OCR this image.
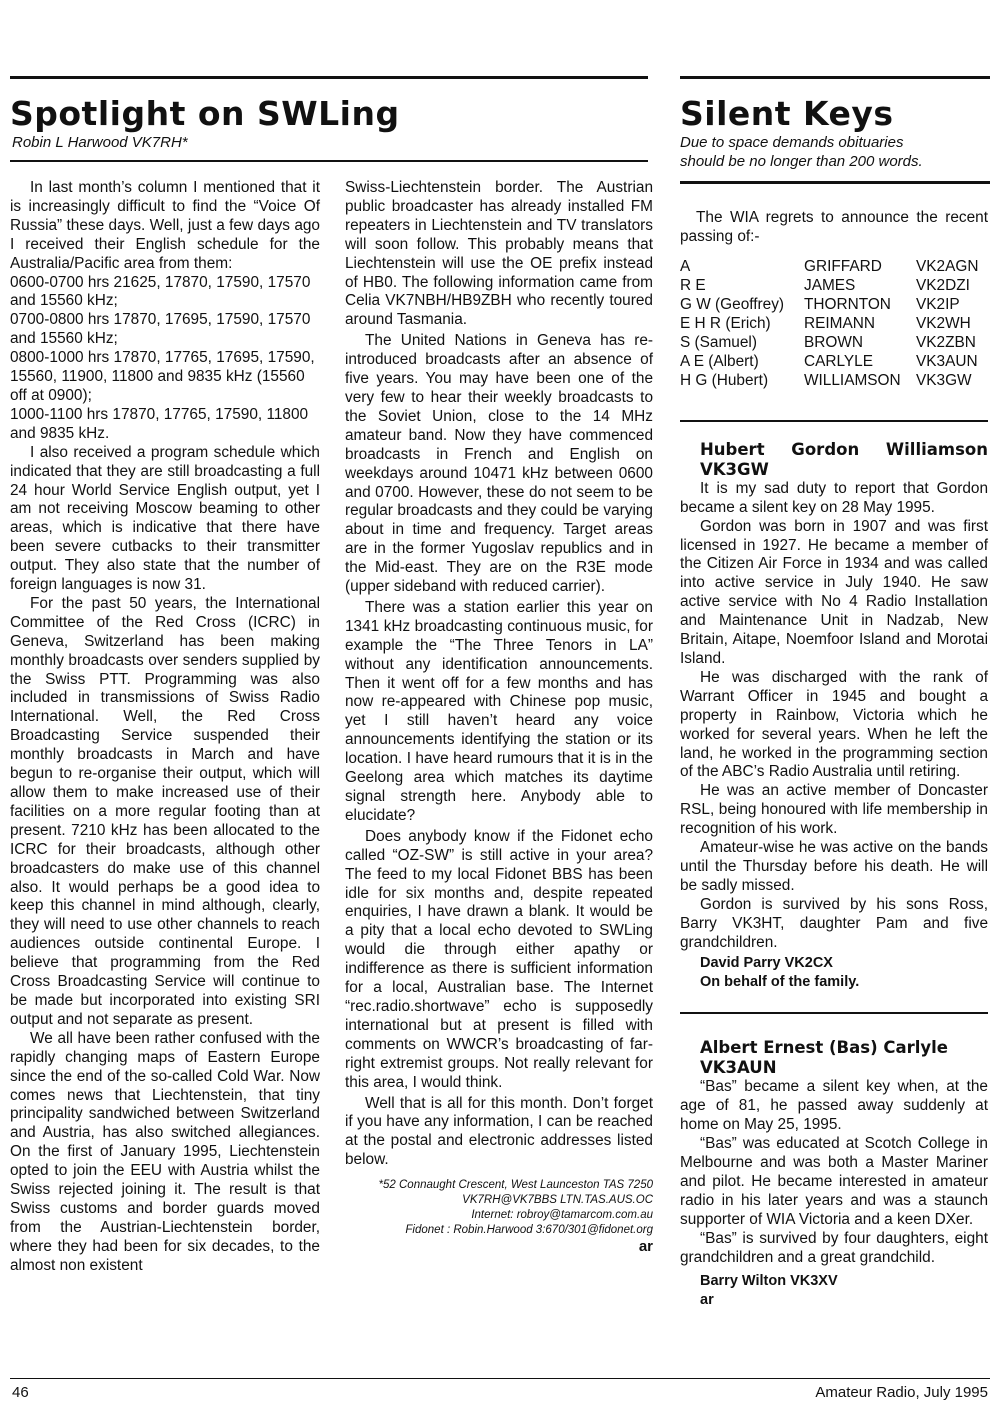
Spotlight on SWLing

Robin L Harwood VK7RH*

In last month’s column I mentioned that it is increasingly difficult to find the “Voice Of Russia” these days. Well, just a few days ago I received their English schedule for the Australia/Pacific area from them:

0600-0700 hrs 21625, 17870, 17590, 17570 and 15560 kHz;

0700-0800 hrs 17870, 17695, 17590, 17570 and 15560 kHz;

0800-1000 hrs 17870, 17765, 17695, 17590, 15560, 11900, 11800 and 9835 kHz (15560 off at 0900);

1000-1100 hrs 17870, 17765, 17590, 11800 and 9835 kHz.

I also received a program schedule which indicated that they are still broadcasting a full 24 hour World Service English output, yet I am not receiving Moscow beaming to other areas, which is indicative that there have been severe cutbacks to their transmitter output. They also state that the number of foreign languages is now 31.

For the past 50 years, the International Committee of the Red Cross (ICRC) in Geneva, Switzerland has been making monthly broadcasts over senders supplied by the Swiss PTT. Programming was also included in transmissions of Swiss Radio International. Well, the Red Cross Broadcasting Service suspended their monthly broadcasts in March and have begun to re-organise their output, which will allow them to make increased use of their facilities on a more regular footing than at present. 7210 kHz has been allocated to the ICRC for their broadcasts, although other broadcasters do make use of this channel also. It would perhaps be a good idea to keep this channel in mind although, clearly, they will need to use other channels to reach audiences outside continental Europe. I believe that programming from the Red Cross Broadcasting Service will continue to be made but incorporated into existing SRI output and not separate as present.

We all have been rather confused with the rapidly changing maps of Eastern Europe since the end of the so-called Cold War. Now comes news that Liechtenstein, that tiny principality sandwiched between Switzerland and Austria, has also switched allegiances. On the first of January 1995, Liechtenstein opted to join the EEU with Austria whilst the Swiss rejected joining it. The result is that Swiss customs and border guards moved from the Austrian-Liechtenstein border, where they had been for six decades, to the almost non existent

Swiss-Liechtenstein border. The Austrian public broadcaster has already installed FM repeaters in Liechtenstein and TV translators will soon follow. This probably means that Liechtenstein will use the OE prefix instead of HB0. The following information came from Celia VK7NBH/HB9ZBH who recently toured around Tasmania.

The United Nations in Geneva has re-introduced broadcasts after an absence of five years. You may have been one of the very few to hear their weekly broadcasts to the Soviet Union, close to the 14 MHz amateur band. Now they have commenced broadcasts in French and English on weekdays around 10471 kHz between 0600 and 0700. However, these do not seem to be regular broadcasts and they could be varying about in time and frequency. Target areas are in the former Yugoslav republics and in the Mid-east. They are on the R3E mode (upper sideband with reduced carrier).

There was a station earlier this year on 1341 kHz broadcasting continuous music, for example the “The Three Tenors in LA” without any identification announcements. Then it went off for a few months and has now re-appeared with Chinese pop music, yet I still haven’t heard any voice announcements identifying the station or its location. I have heard rumours that it is in the Geelong area which matches its daytime signal strength here. Anybody able to elucidate?

Does anybody know if the Fidonet echo called “OZ-SW” is still active in your area? The feed to my local Fidonet BBS has been idle for six months and, despite repeated enquiries, I have drawn a blank. It would be a pity that a local echo devoted to SWLing would die through either apathy or indifference as there is sufficient information for a local, Australian base. The Internet “rec.radio.shortwave” echo is supposedly international but at present is filled with comments on WWCR’s broadcasting of far-right extremist groups. Not really relevant for this area, I would think.

Well that is all for this month. Don’t forget if you have any information, I can be reached at the postal and electronic addresses listed below.

*52 Connaught Crescent, West Launceston TAS 7250

VK7RH@VK7BBS LTN.TAS.AUS.OC

Internet: robroy@tamarcom.com.au

Fidonet : Robin.Harwood 3:670/301@fidonet.org

ar

Silent Keys

Due to space demands obituaries

should be no longer than 200 words.

The WIA regrets to announce the recent passing of:-

A	GRIFFARD	VK2AGN
R E	JAMES	VK2DZI
G W (Geoffrey)	THORNTON	VK2IP
E H R (Erich)	REIMANN	VK2WH
S (Samuel)	BROWN	VK2ZBN
A E (Albert)	CARLYLE	VK3AUN
H G (Hubert)	WILLIAMSON	VK3GW

Hubert Gordon Williamson

VK3GW

It is my sad duty to report that Gordon became a silent key on 28 May 1995.

Gordon was born in 1907 and was first licensed in 1927. He became a member of the Citizen Air Force in 1934 and was called into active service in July 1940. He saw active service with No 4 Radio Installation and Maintenance Unit in Nadzab, New Britain, Aitape, Noemfoor Island and Morotai Island.

He was discharged with the rank of Warrant Officer in 1945 and bought a property in Rainbow, Victoria which he worked for several years. When he left the land, he worked in the programming section of the ABC’s Radio Australia until retiring.

He was an active member of Doncaster RSL, being honoured with life membership in recognition of his work.

Amateur-wise he was active on the bands until the Thursday before his death. He will be sadly missed.

Gordon is survived by his sons Ross, Barry VK3HT, daughter Pam and five grandchildren.

David Parry VK2CX

On behalf of the family.

Albert Ernest (Bas) Carlyle

VK3AUN

“Bas” became a silent key when, at the age of 81, he passed away suddenly at home on May 25, 1995.

“Bas” was educated at Scotch College in Melbourne and was both a Master Mariner and pilot. He became interested in amateur radio in his later years and was a staunch supporter of WIA Victoria and a keen DXer.

“Bas” is survived by four daughters, eight grandchildren and a great grandchild.

Barry Wilton VK3XV

ar

46	Amateur Radio, July 1995
